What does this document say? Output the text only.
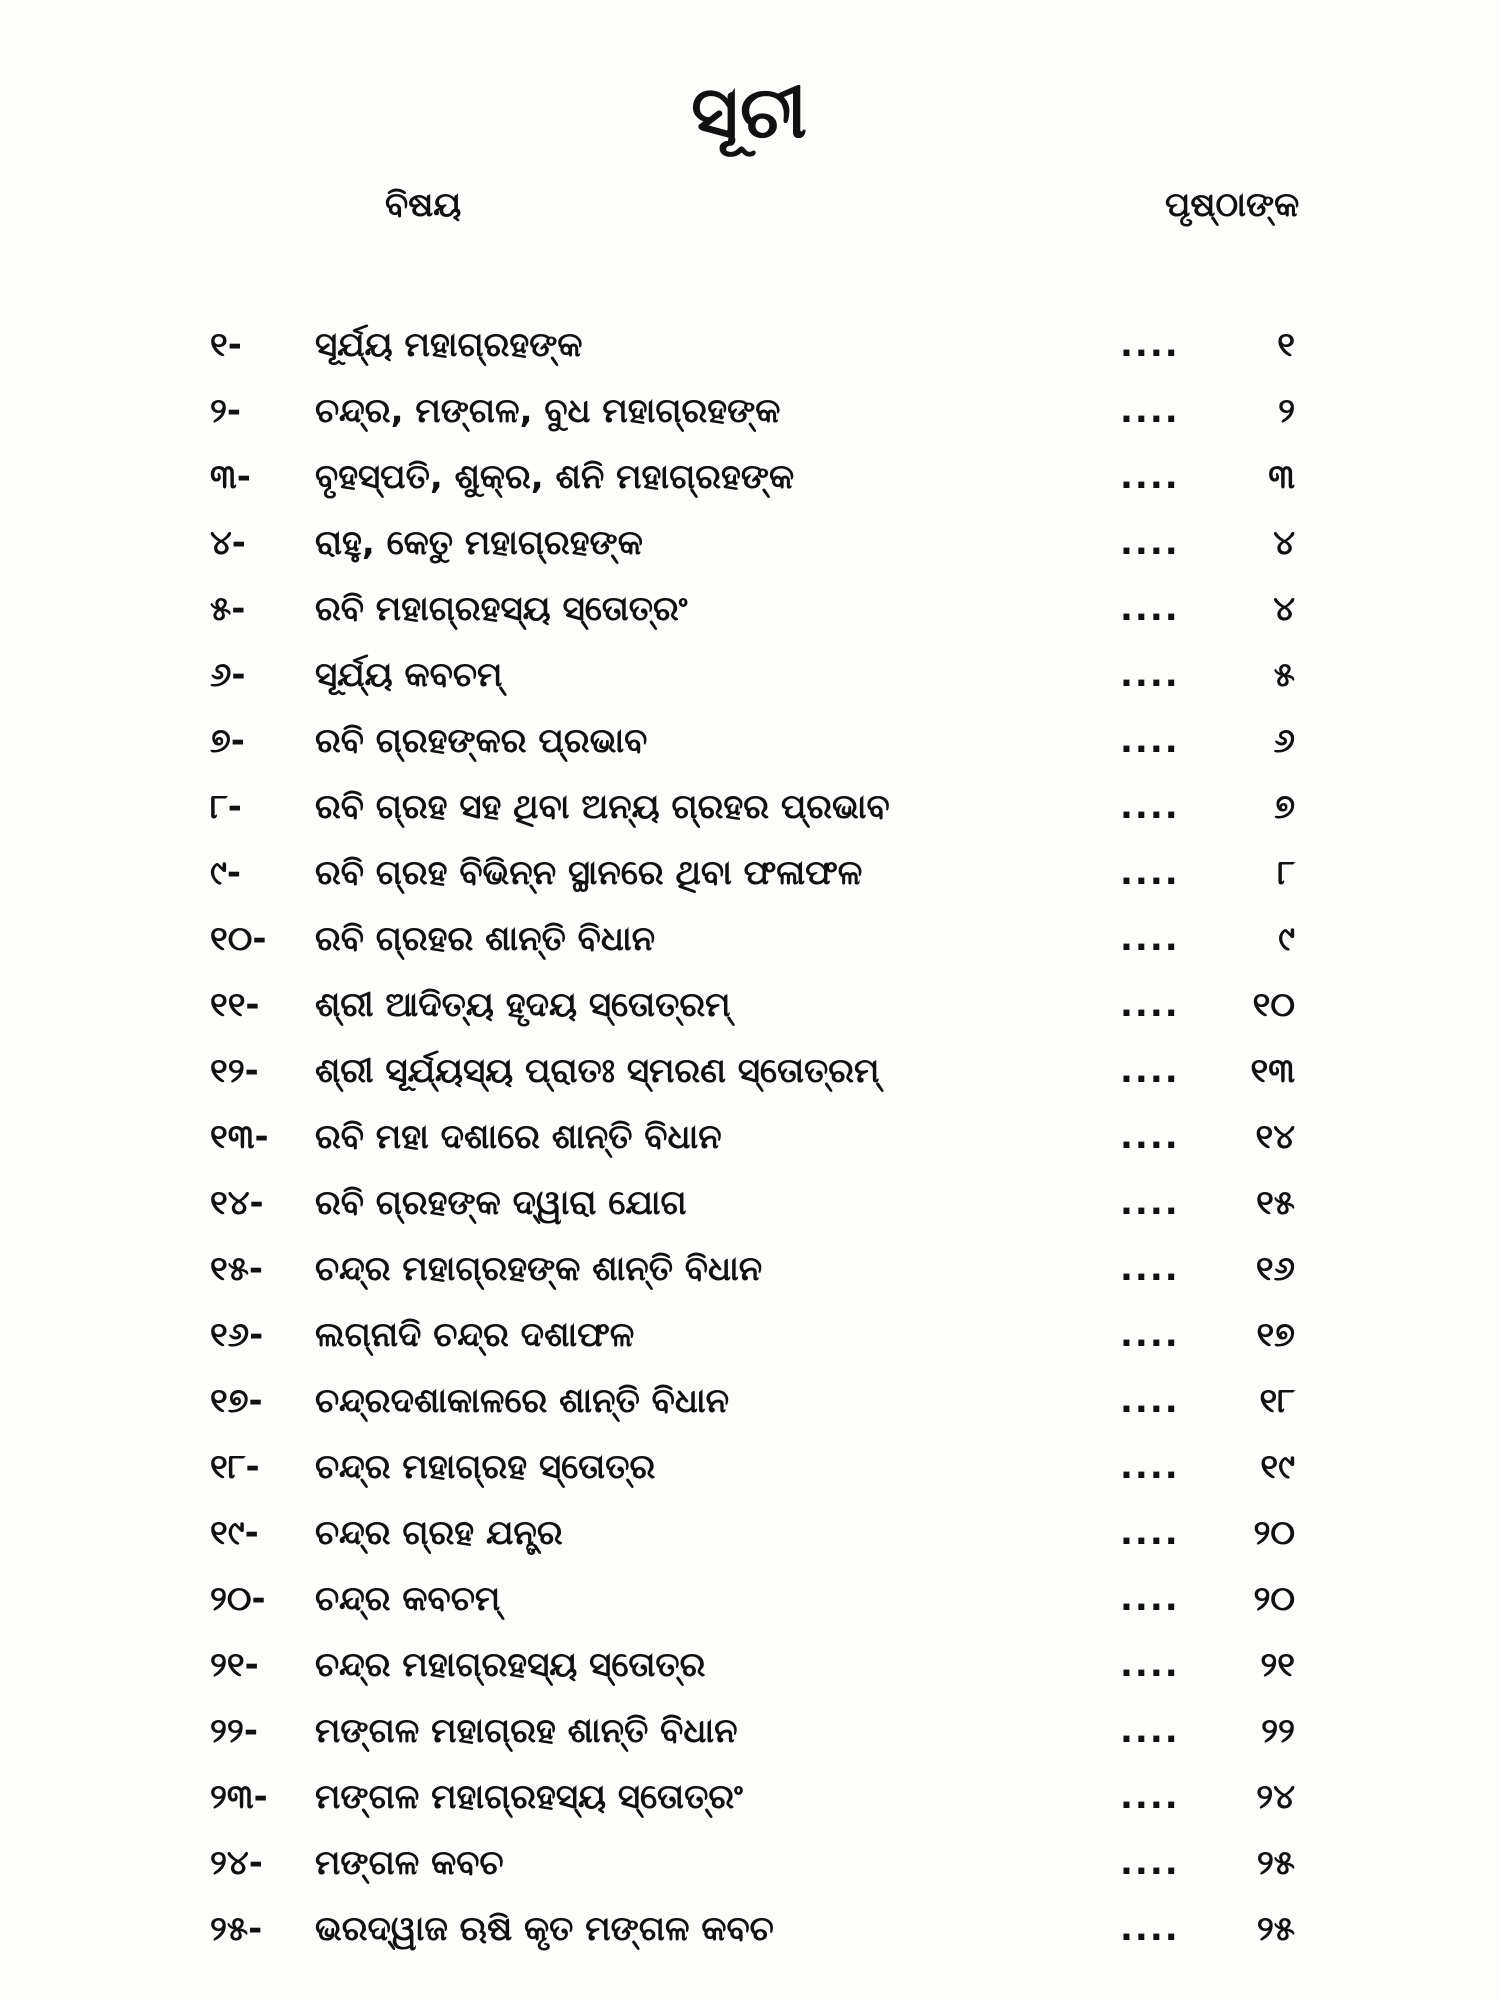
ସୂଚୀ
ବିଷୟ	ପୃଷ୍ଠାଙ୍କ
୧-	ସୂର୍ଯ୍ୟ ମହାଗ୍ରହଙ୍କ	....	୧
୨-	ଚନ୍ଦ୍ର, ମଙ୍ଗଳ, ବୁଧ ମହାଗ୍ରହଙ୍କ	....	୨
୩-	ବୃହସ୍ପତି, ଶୁକ୍ର, ଶନି ମହାଗ୍ରହଙ୍କ	....	୩
୪-	ରାହୁ, କେତୁ ମହାଗ୍ରହଙ୍କ	....	୪
୫-	ରବି ମହାଗ୍ରହସ୍ୟ ସ୍ତୋତ୍ରଂ	....	୪
୬-	ସୂର୍ଯ୍ୟ କବଚମ୍	....	୫
୭-	ରବି ଗ୍ରହଙ୍କର ପ୍ରଭାବ	....	୬
୮-	ରବି ଗ୍ରହ ସହ ଥିବା ଅନ୍ୟ ଗ୍ରହର ପ୍ରଭାବ	....	୭
୯-	ରବି ଗ୍ରହ ବିଭିନ୍ନ ସ୍ଥାନରେ ଥିବା ଫଳାଫଳ	....	୮
୧୦-	ରବି ଗ୍ରହର ଶାନ୍ତି ବିଧାନ	....	୯
୧୧-	ଶ୍ରୀ ଆଦିତ୍ୟ ହୃଦୟ ସ୍ତୋତ୍ରମ୍	....	୧୦
୧୨-	ଶ୍ରୀ ସୂର୍ଯ୍ୟସ୍ୟ ପ୍ରାତଃ ସ୍ମରଣ ସ୍ତୋତ୍ରମ୍	....	୧୩
୧୩-	ରବି ମହା ଦଶାରେ ଶାନ୍ତି ବିଧାନ	....	୧୪
୧୪-	ରବି ଗ୍ରହଙ୍କ ଦ୍ୱାରା ଯୋଗ	....	୧୫
୧୫-	ଚନ୍ଦ୍ର ମହାଗ୍ରହଙ୍କ ଶାନ୍ତି ବିଧାନ	....	୧୬
୧୬-	ଲଗ୍ନାଦି ଚନ୍ଦ୍ର ଦଶାଫଳ	....	୧୭
୧୭-	ଚନ୍ଦ୍ରଦଶାକାଳରେ ଶାନ୍ତି ବିଧାନ	....	୧୮
୧୮-	ଚନ୍ଦ୍ର ମହାଗ୍ରହ ସ୍ତୋତ୍ର	....	୧୯
୧୯-	ଚନ୍ଦ୍ର ଗ୍ରହ ଯନ୍ତ୍ର	....	୨୦
୨୦-	ଚନ୍ଦ୍ର କବଚମ୍	....	୨୦
୨୧-	ଚନ୍ଦ୍ର ମହାଗ୍ରହସ୍ୟ ସ୍ତୋତ୍ର	....	୨୧
୨୨-	ମଙ୍ଗଳ ମହାଗ୍ରହ ଶାନ୍ତି ବିଧାନ	....	୨୨
୨୩-	ମଙ୍ଗଳ ମହାଗ୍ରହସ୍ୟ ସ୍ତୋତ୍ରଂ	....	୨୪
୨୪-	ମଙ୍ଗଳ କବଚ	....	୨୫
୨୫-	ଭରଦ୍ୱାଜ ଋଷି କୃତ ମଙ୍ଗଳ କବଚ	....	୨୫
